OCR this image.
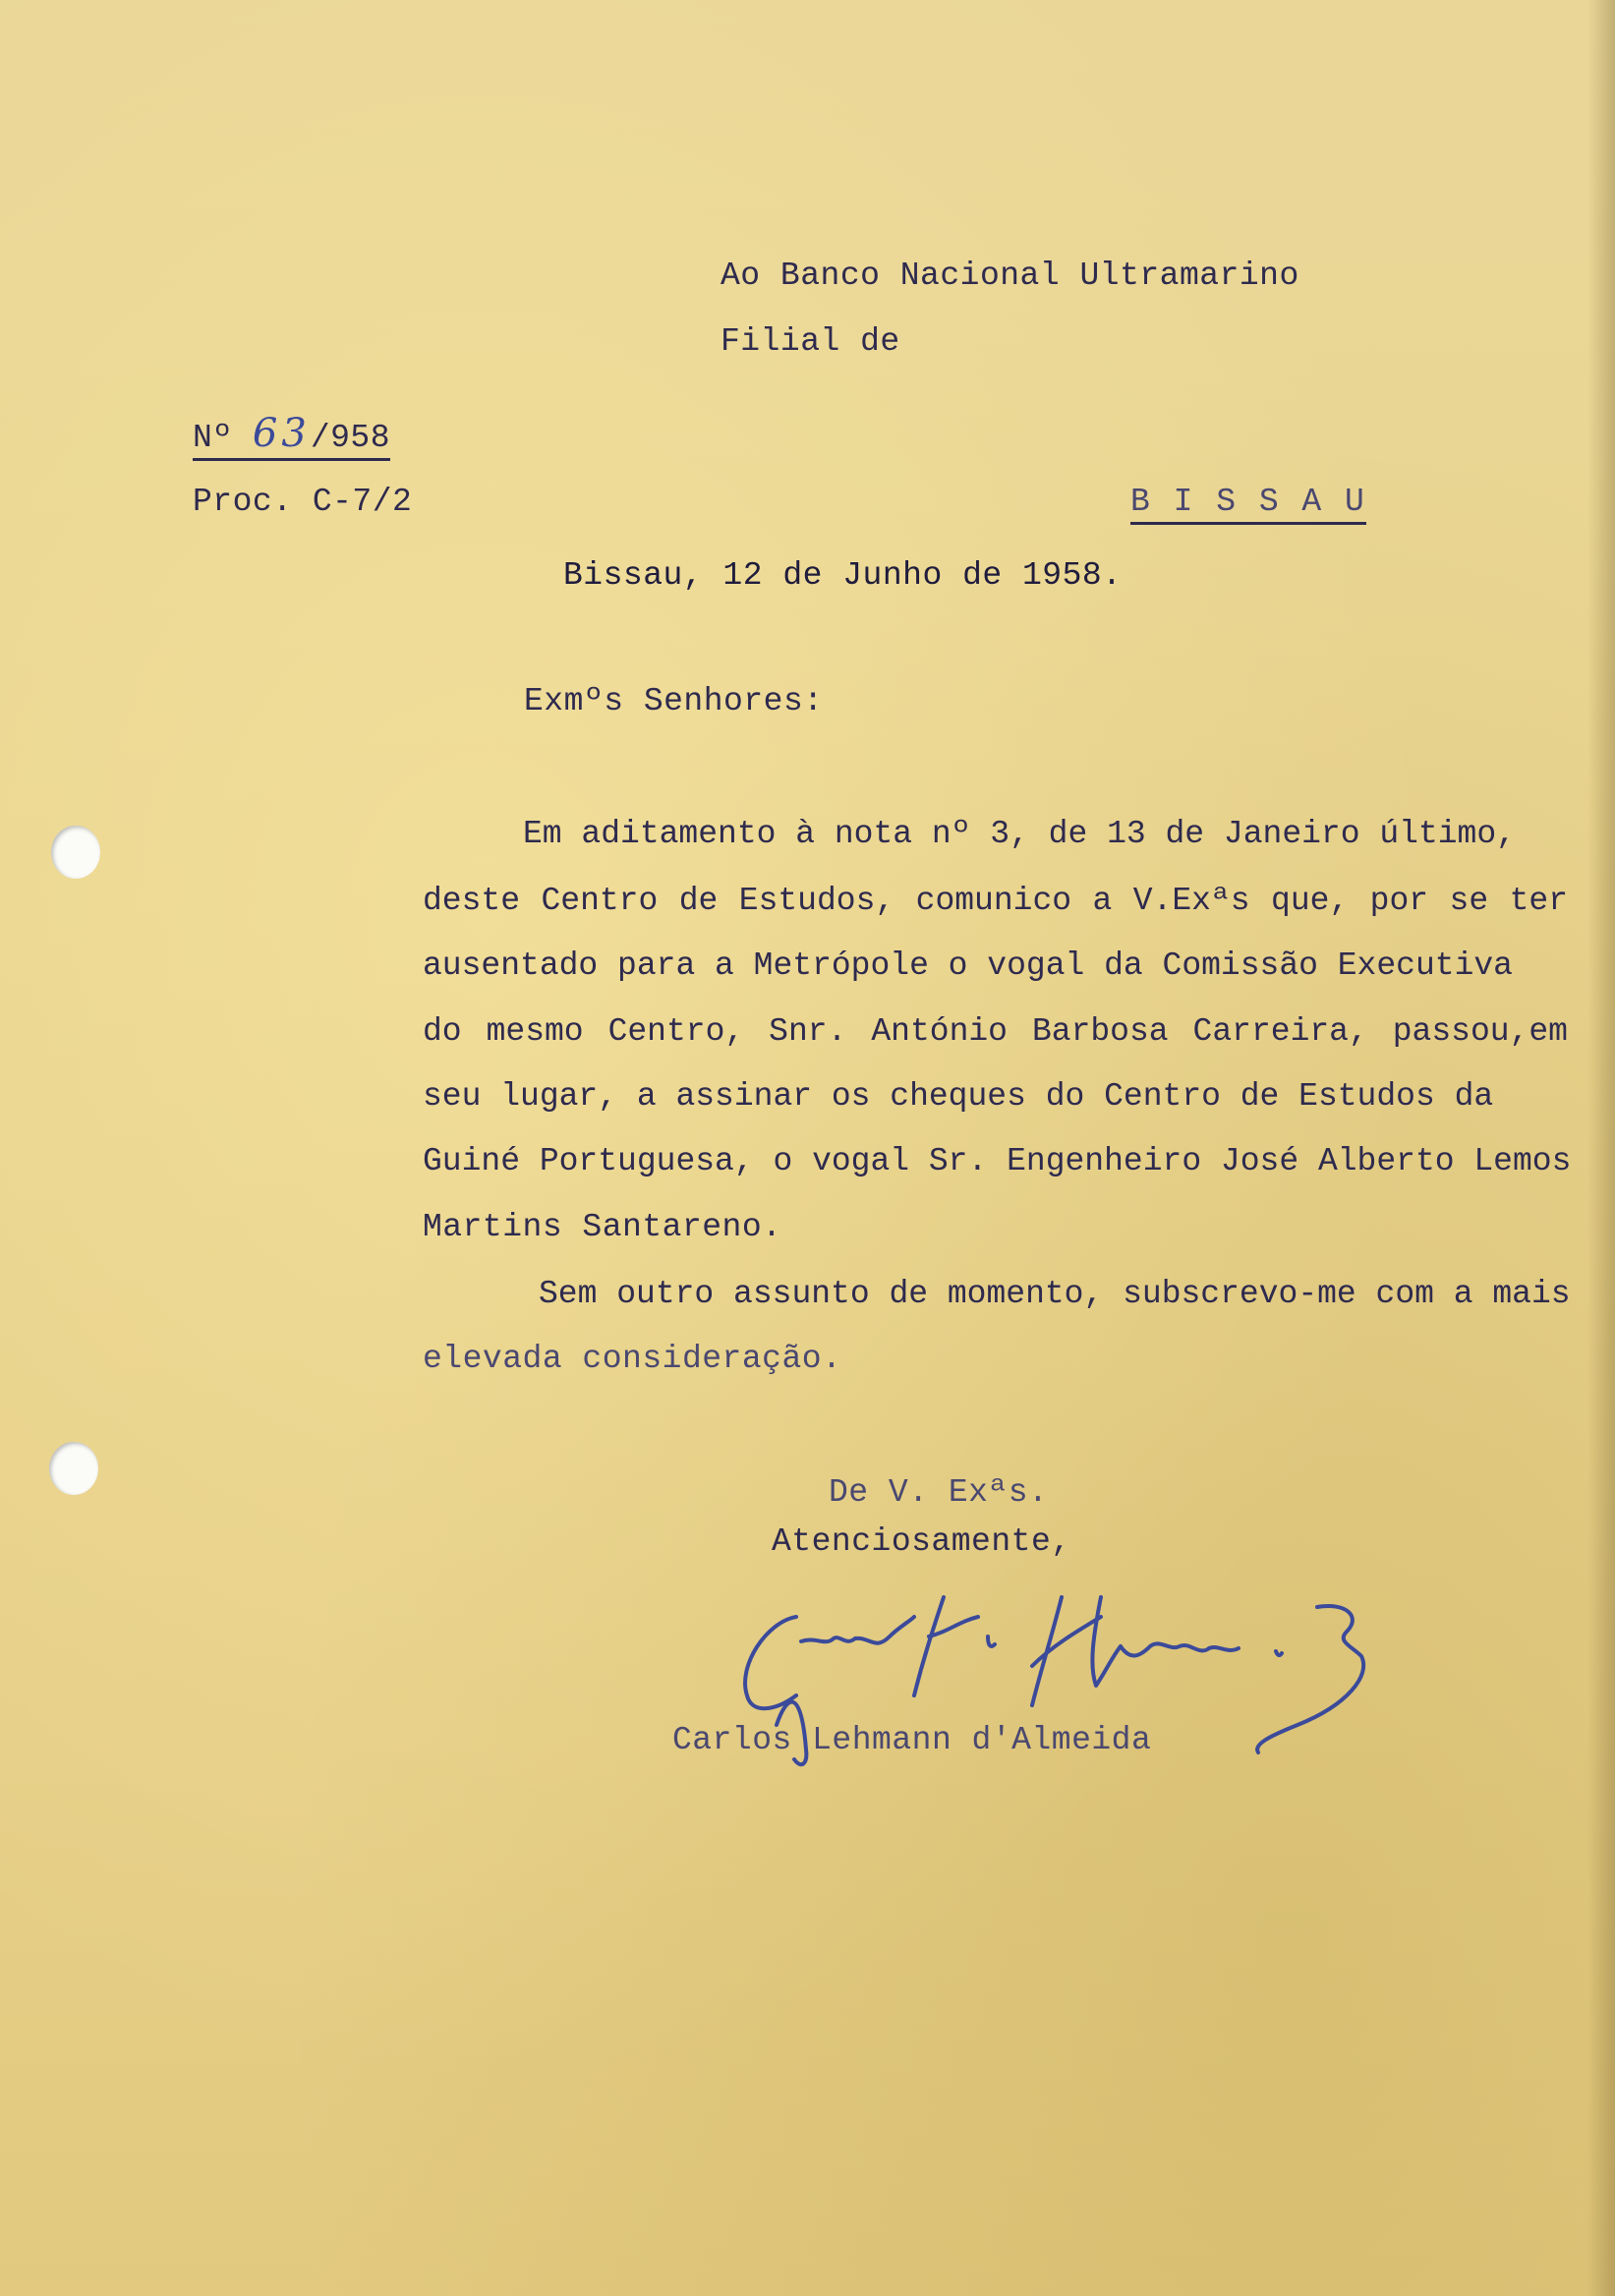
Ao Banco Nacional Ultramarino
Filial de
Nº 63/958
Proc. C-7/2	B I S S A U
Bissau, 12 de Junho de 1958.
Exmºs Senhores:
Em aditamento à nota nº 3, de 13 de Janeiro último,
deste Centro de Estudos, comunico a V.Exªs que, por se ter
ausentado para a Metrópole o vogal da Comissão Executiva
do mesmo Centro, Snr. António Barbosa Carreira, passou,em
seu lugar, a assinar os cheques do Centro de Estudos da
Guiné Portuguesa, o vogal Sr. Engenheiro José Alberto Lemos
Martins Santareno.
Sem outro assunto de momento, subscrevo-me com a mais
elevada consideração.
De V. Exªs.
Atenciosamente,
Carlos Lehmann d'Almeida
